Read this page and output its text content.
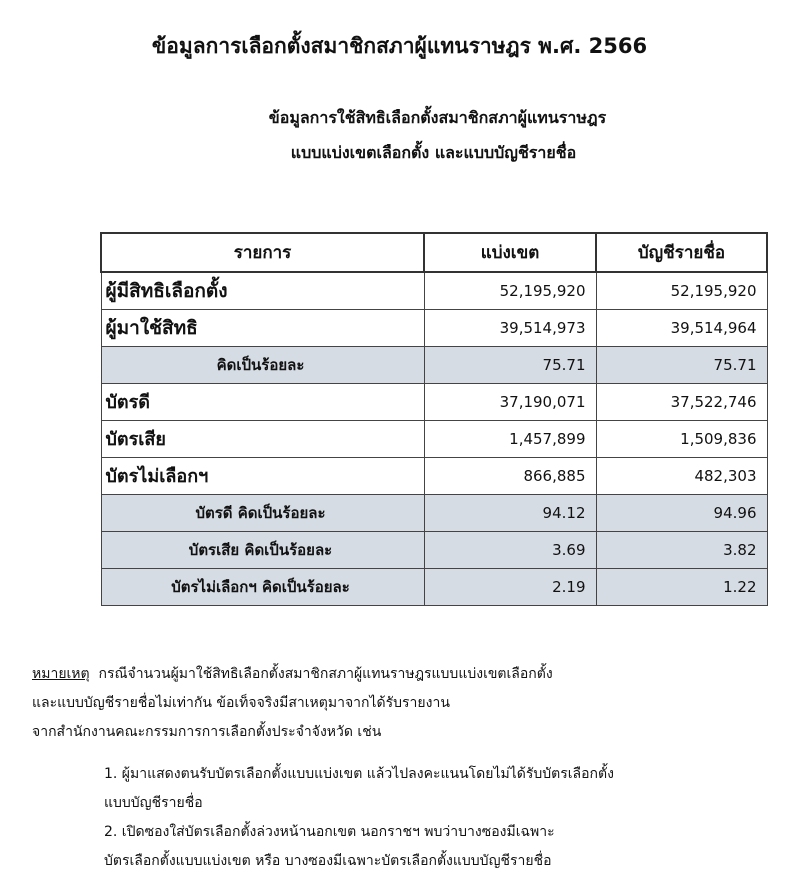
ข้อมูลการเลือกตั้งสมาชิกสภาผู้แทนราษฎร พ.ศ. 2566
ข้อมูลการใช้สิทธิเลือกตั้งสมาชิกสภาผู้แทนราษฎร
แบบแบ่งเขตเลือกตั้ง และแบบบัญชีรายชื่อ
รายการ	แบ่งเขต	บัญชีรายชื่อ
ผู้มีสิทธิเลือกตั้ง	52,195,920	52,195,920
ผู้มาใช้สิทธิ	39,514,973	39,514,964
คิดเป็นร้อยละ	75.71	75.71
บัตรดี	37,190,071	37,522,746
บัตรเสีย	1,457,899	1,509,836
บัตรไม่เลือกฯ	866,885	482,303
บัตรดี คิดเป็นร้อยละ	94.12	94.96
บัตรเสีย คิดเป็นร้อยละ	3.69	3.82
บัตรไม่เลือกฯ คิดเป็นร้อยละ	2.19	1.22
หมายเหตุ  กรณีจำนวนผู้มาใช้สิทธิเลือกตั้งสมาชิกสภาผู้แทนราษฎรแบบแบ่งเขตเลือกตั้ง
และแบบบัญชีรายชื่อไม่เท่ากัน ข้อเท็จจริงมีสาเหตุมาจากได้รับรายงาน
จากสำนักงานคณะกรรมการการเลือกตั้งประจำจังหวัด เช่น
1. ผู้มาแสดงตนรับบัตรเลือกตั้งแบบแบ่งเขต แล้วไปลงคะแนนโดยไม่ได้รับบัตรเลือกตั้ง
แบบบัญชีรายชื่อ
2. เปิดซองใส่บัตรเลือกตั้งล่วงหน้านอกเขต นอกราชฯ พบว่าบางซองมีเฉพาะ
บัตรเลือกตั้งแบบแบ่งเขต หรือ บางซองมีเฉพาะบัตรเลือกตั้งแบบบัญชีรายชื่อ
